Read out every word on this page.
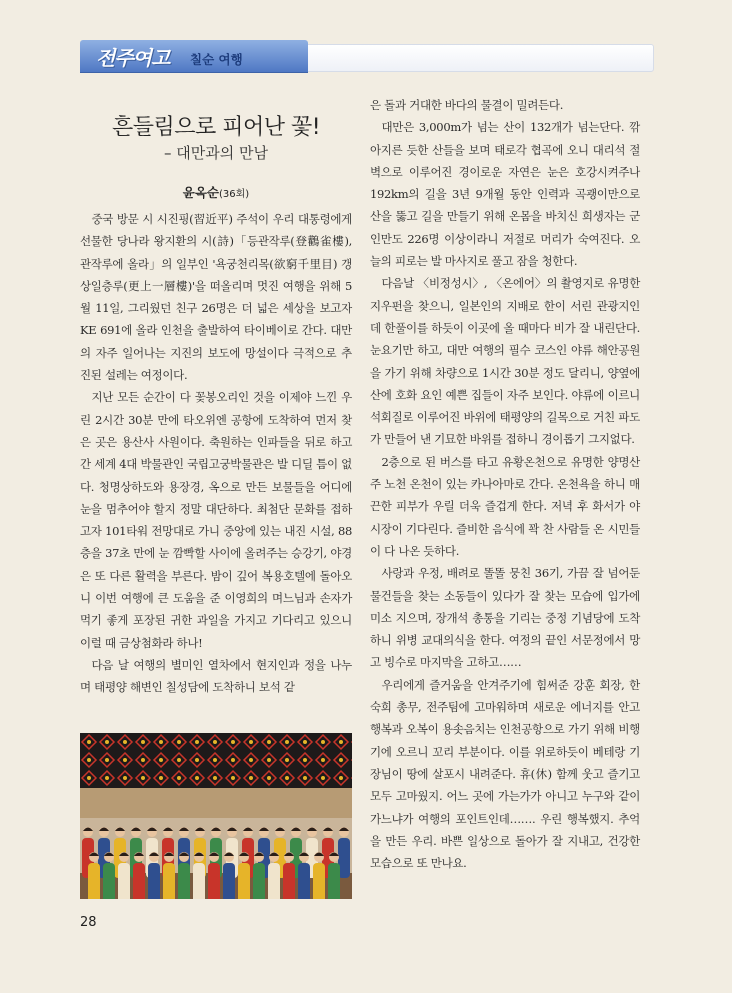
전주여고 칠순 여행
흔들림으로 피어난 꽃!
– 대만과의 만남
윤옥순(36회)

중국 방문 시 시진핑(習近平) 주석이 우리 대통령에게 선물한 당나라 왕지환의 시(詩)「등관작루(登鸛雀樓), 관작루에 올라」의 일부인 '욕궁천리목(欲窮千里目) 갱상일층루(更上一層樓)'을 떠올리며 멋진 여행을 위해 5월 11일, 그리웠던 친구 26명은 더 넓은 세상을 보고자 KE 691에 올라 인천을 출발하여 타이베이로 간다. 대만의 자주 일어나는 지진의 보도에 망설이다 극적으로 추진된 설레는 여정이다.

지난 모든 순간이 다 꽃봉오리인 것을 이제야 느낀 우린 2시간 30분 만에 타오위엔 공항에 도착하여 먼저 찾은 곳은 용산사 사원이다. 축원하는 인파들을 뒤로 하고 간 세계 4대 박물관인 국립고궁박물관은 발 디딜 틈이 없다. 청명상하도와 용장경, 옥으로 만든 보물들을 어디에 눈을 멈추어야 할지 정말 대단하다. 최첨단 문화를 접하고자 101타워 전망대로 가니 중앙에 있는 내진 시설, 88층을 37초 만에 눈 깜빡할 사이에 올려주는 승강기, 야경은 또 다른 활력을 부른다. 밤이 깊어 복용호텔에 돌아오니 이번 여행에 큰 도움을 준 이영희의 며느님과 손자가 먹기 좋게 포장된 귀한 과일을 가지고 기다리고 있으니 이럴 때 금상첨화라 하나!

다음 날 여행의 별미인 열차에서 현지인과 정을 나누며 태평양 해변인 칠성담에 도착하니 보석 같

은 돌과 거대한 바다의 물결이 밀려든다.

대만은 3,000m가 넘는 산이 132개가 넘는단다. 깎아지른 듯한 산들을 보며 태로각 협곡에 오니 대리석 절벽으로 이루어진 경이로운 자연은 눈은 호강시켜주나 192km의 길을 3년 9개월 동안 인력과 곡괭이만으로 산을 뚫고 길을 만들기 위해 온몸을 바치신 희생자는 군인만도 226명 이상이라니 저절로 머리가 숙여진다. 오늘의 피로는 발 마사지로 풀고 잠을 청한다.

다음날 〈비정성시〉, 〈온에어〉의 촬영지로 유명한 지우펀을 찾으니, 일본인의 지배로 한이 서린 관광지인데 한풀이를 하듯이 이곳에 올 때마다 비가 잘 내린단다. 눈요기만 하고, 대만 여행의 필수 코스인 야류 해안공원을 가기 위해 차량으로 1시간 30분 정도 달리니, 양옆에 산에 호화 요인 예쁜 집들이 자주 보인다. 야류에 이르니 석회질로 이루어진 바위에 태평양의 길목으로 거친 파도가 만들어 낸 기묘한 바위를 접하니 경이롭기 그지없다.

2층으로 된 버스를 타고 유황온천으로 유명한 양명산주 노천 온천이 있는 카나아마로 간다. 온천욕을 하니 매끈한 피부가 우릴 더욱 즐겁게 한다. 저녁 후 화서가 야시장이 기다린다. 즐비한 음식에 꽉 찬 사람들 온 시민들이 다 나온 듯하다.

사랑과 우정, 배려로 똘똘 뭉친 36기, 가끔 잘 넘어둔 물건들을 찾는 소동들이 있다가 잘 찾는 모습에 입가에 미소 지으며, 장개석 총통을 기리는 중정 기념당에 도착하니 위병 교대의식을 한다. 여정의 끝인 서문정에서 망고 빙수로 마지막을 고하고……

우리에게 즐거움을 안겨주기에 힘써준 강훈 회장, 한숙희 총무, 전주팀에 고마워하며 새로운 에너지를 안고 행복과 오복이 용솟음치는 인천공항으로 가기 위해 비행기에 오르니 꼬리 부분이다. 이를 위로하듯이 베테랑 기장님이 땅에 살포시 내려준다. 휴(休) 함께 웃고 즐기고 모두 고마웠지. 어느 곳에 가는가가 아니고 누구와 같이 가느냐가 여행의 포인트인데……. 우린 행복했지. 추억을 만든 우리. 바쁜 일상으로 돌아가 잘 지내고, 건강한 모습으로 또 만나요.

28
